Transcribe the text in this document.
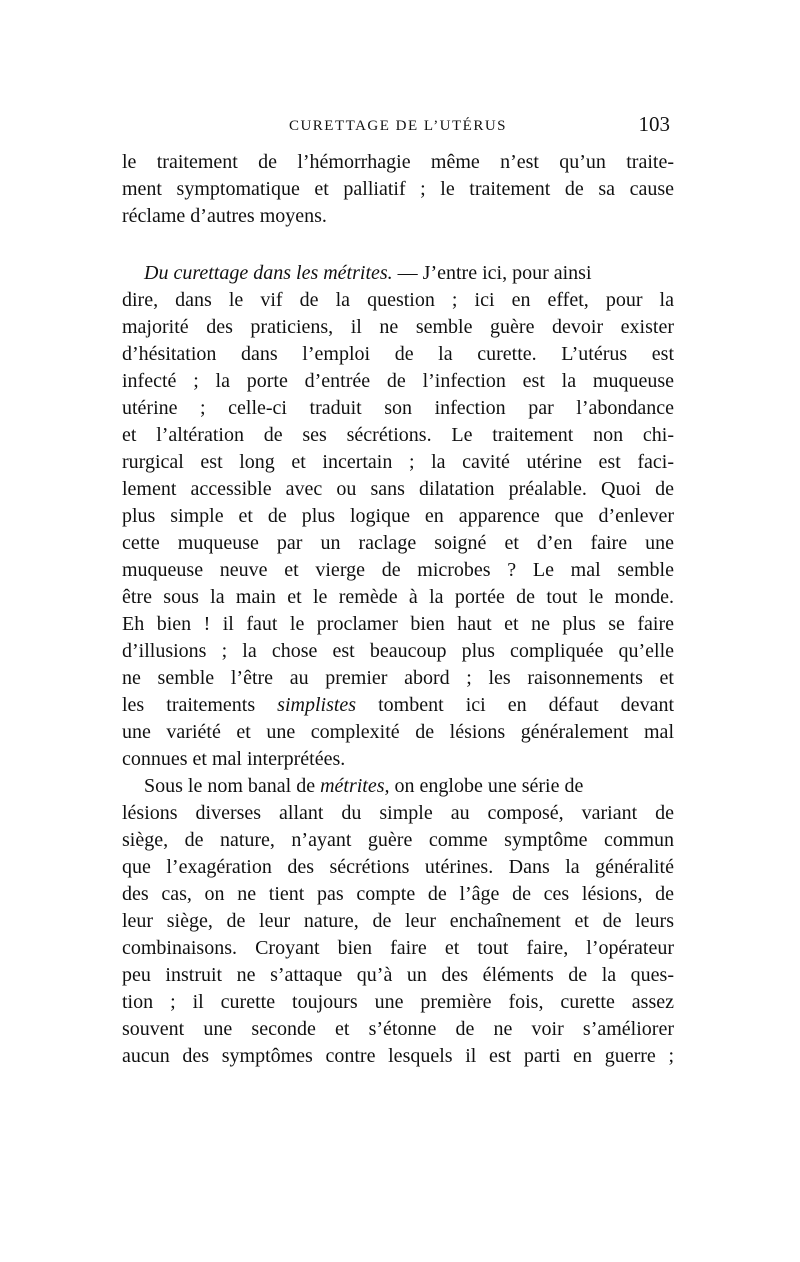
CURETTAGE DE L’UTÉRUS	103
le traitement de l’hémorrhagie même n’est qu’un traite-
ment symptomatique et palliatif ; le traitement de sa cause
réclame d’autres moyens.
Du curettage dans les métrites. — J’entre ici, pour ainsi
dire, dans le vif de la question ; ici en effet, pour la
majorité des praticiens, il ne semble guère devoir exister
d’hésitation dans l’emploi de la curette. L’utérus est
infecté ; la porte d’entrée de l’infection est la muqueuse
utérine ; celle-ci traduit son infection par l’abondance
et l’altération de ses sécrétions. Le traitement non chi-
rurgical est long et incertain ; la cavité utérine est faci-
lement accessible avec ou sans dilatation préalable. Quoi de
plus simple et de plus logique en apparence que d’enlever
cette muqueuse par un raclage soigné et d’en faire une
muqueuse neuve et vierge de microbes ? Le mal semble
être sous la main et le remède à la portée de tout le monde.
Eh bien ! il faut le proclamer bien haut et ne plus se faire
d’illusions ; la chose est beaucoup plus compliquée qu’elle
ne semble l’être au premier abord ; les raisonnements et
les traitements simplistes tombent ici en défaut devant
une variété et une complexité de lésions généralement mal
connues et mal interprétées.
Sous le nom banal de métrites, on englobe une série de
lésions diverses allant du simple au composé, variant de
siège, de nature, n’ayant guère comme symptôme commun
que l’exagération des sécrétions utérines. Dans la généralité
des cas, on ne tient pas compte de l’âge de ces lésions, de
leur siège, de leur nature, de leur enchaînement et de leurs
combinaisons. Croyant bien faire et tout faire, l’opérateur
peu instruit ne s’attaque qu’à un des éléments de la ques-
tion ; il curette toujours une première fois, curette assez
souvent une seconde et s’étonne de ne voir s’améliorer
aucun des symptômes contre lesquels il est parti en guerre ;
